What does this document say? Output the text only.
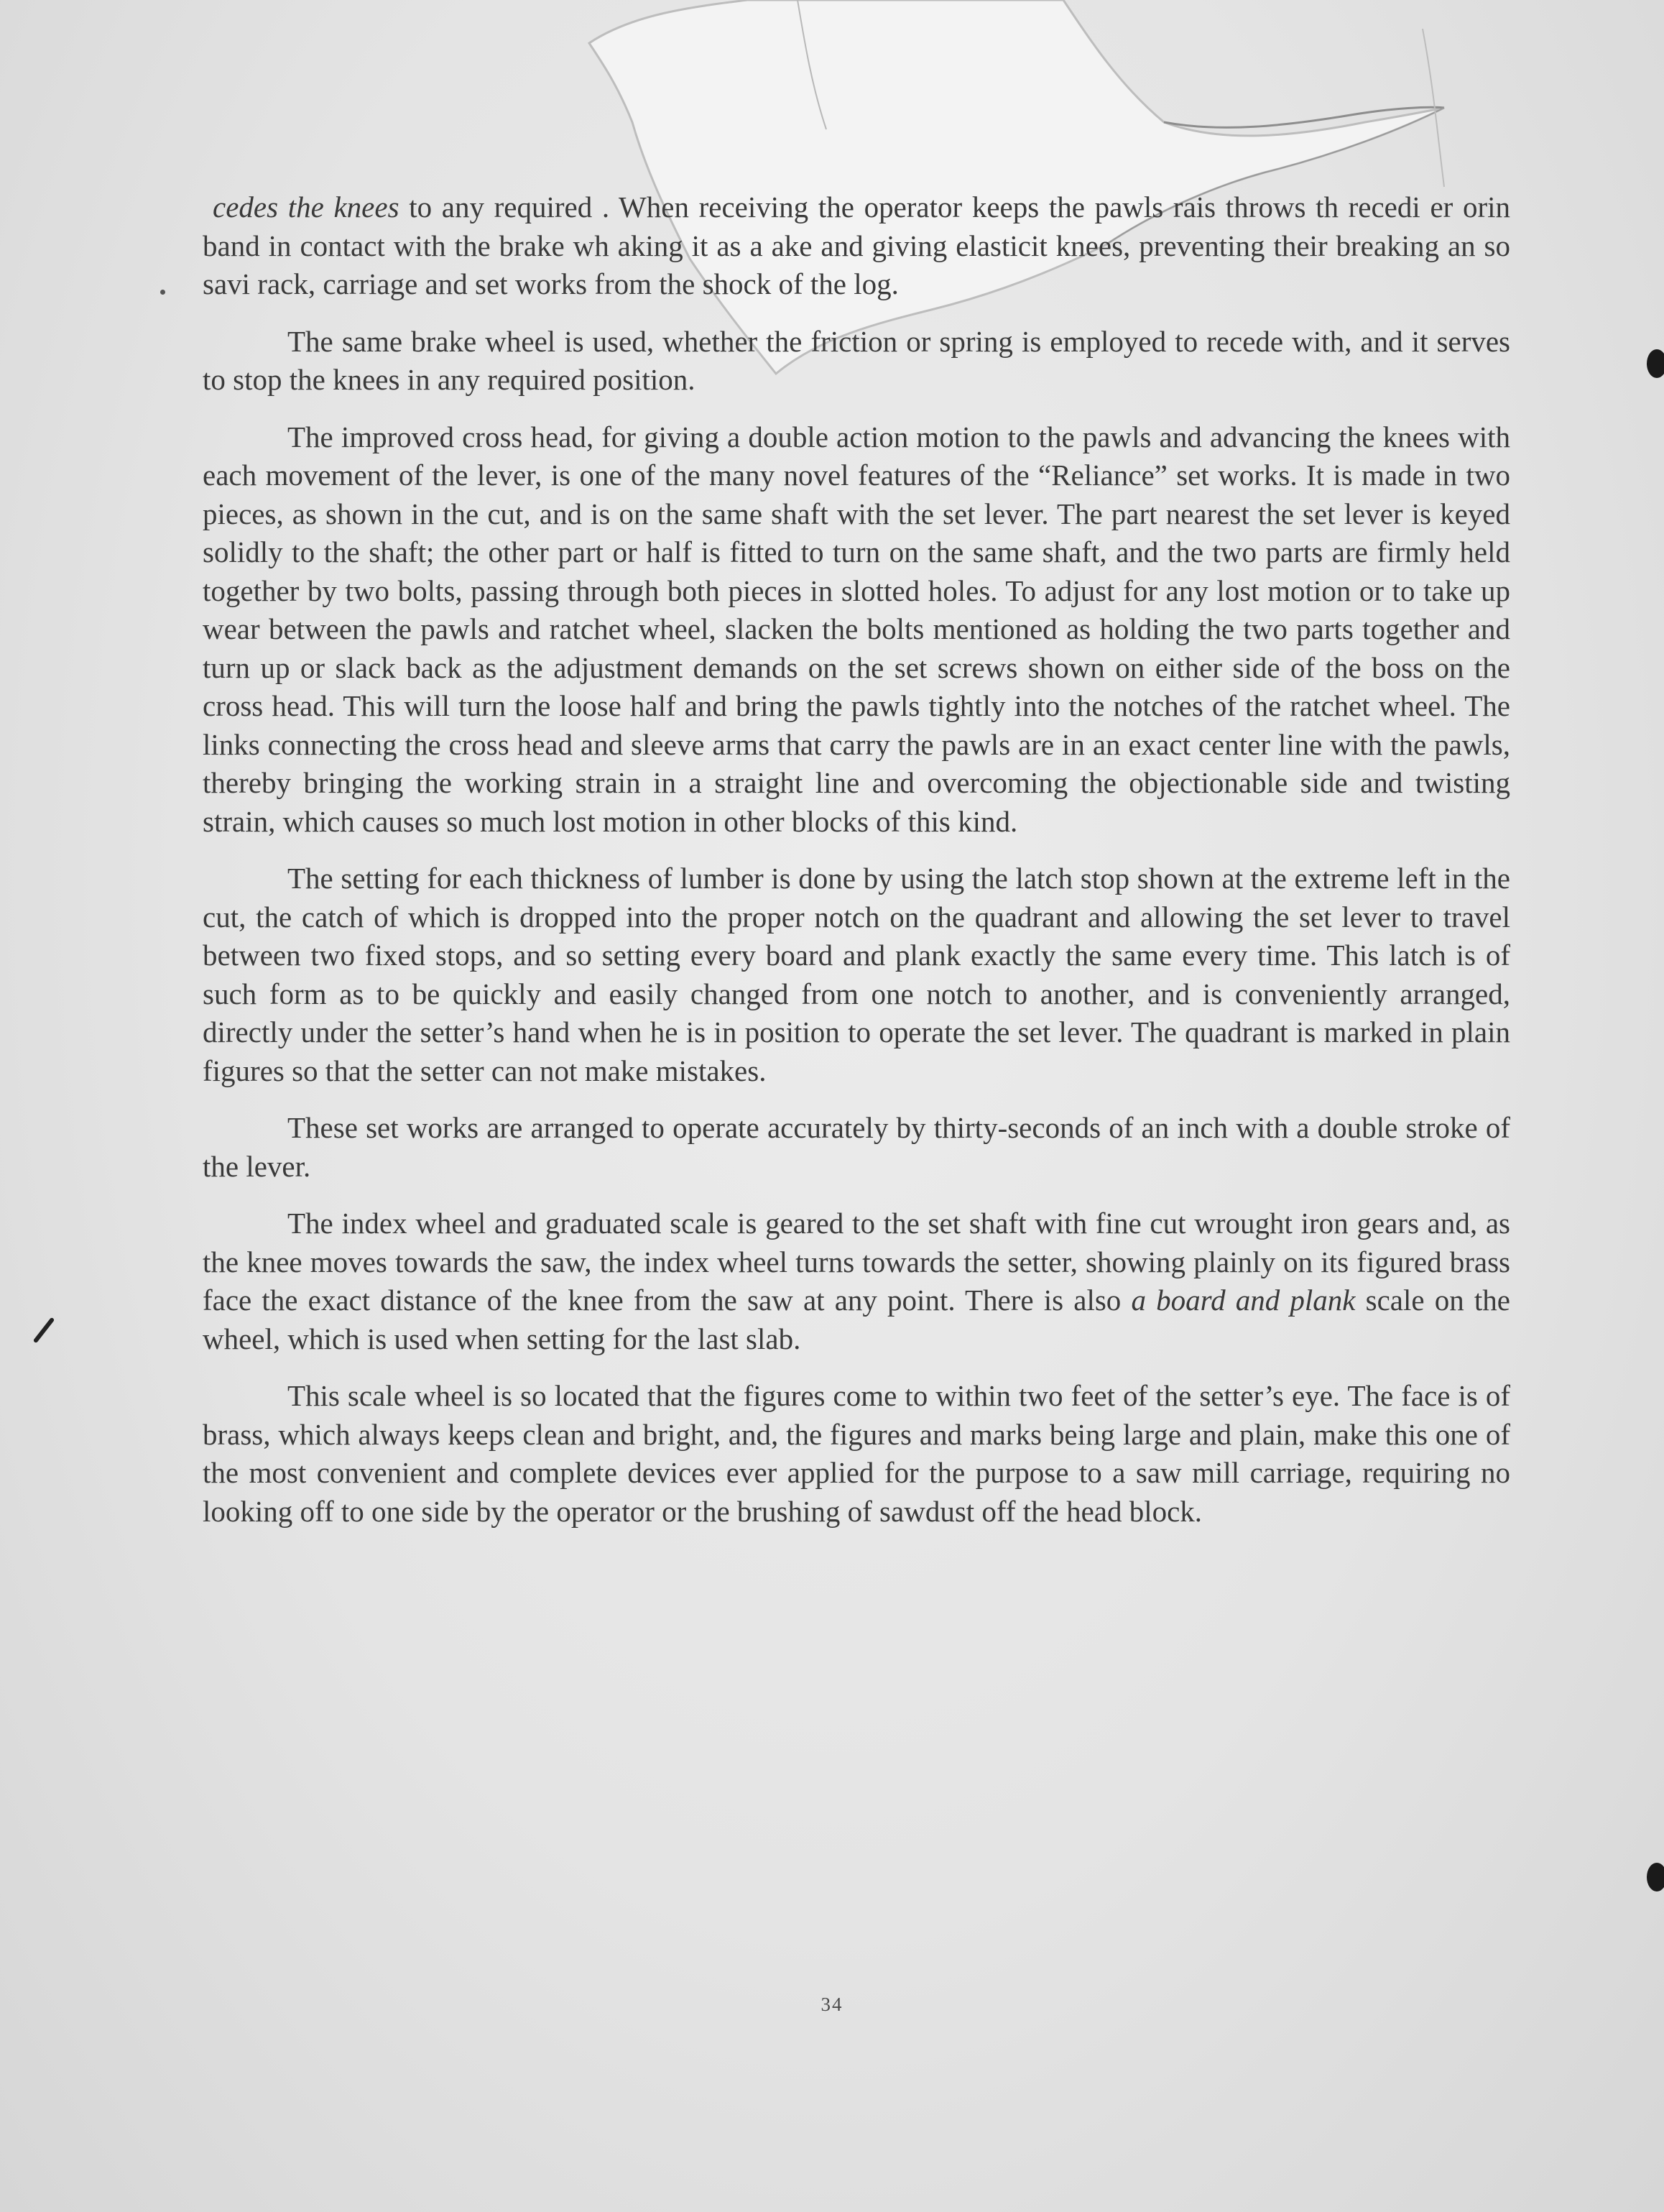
cedes the knees to any required . When receiving the operator keeps the pawls rais throws th recedi er orin band in contact with the brake wh aking it as a ake and giving elasticit knees, preventing their breaking an so savi rack, carriage and set works from the shock of the log.

The same brake wheel is used, whether the friction or spring is employed to recede with, and it serves to stop the knees in any required position.

The improved cross head, for giving a double action motion to the pawls and advancing the knees with each movement of the lever, is one of the many novel features of the “Reliance” set works. It is made in two pieces, as shown in the cut, and is on the same shaft with the set lever. The part nearest the set lever is keyed solidly to the shaft; the other part or half is fitted to turn on the same shaft, and the two parts are firmly held together by two bolts, passing through both pieces in slotted holes. To adjust for any lost motion or to take up wear between the pawls and ratchet wheel, slacken the bolts mentioned as holding the two parts together and turn up or slack back as the adjustment demands on the set screws shown on either side of the boss on the cross head. This will turn the loose half and bring the pawls tightly into the notches of the ratchet wheel. The links connecting the cross head and sleeve arms that carry the pawls are in an exact center line with the pawls, thereby bringing the working strain in a straight line and overcoming the objectionable side and twisting strain, which causes so much lost motion in other blocks of this kind.

The setting for each thickness of lumber is done by using the latch stop shown at the extreme left in the cut, the catch of which is dropped into the proper notch on the quadrant and allowing the set lever to travel between two fixed stops, and so setting every board and plank exactly the same every time. This latch is of such form as to be quickly and easily changed from one notch to another, and is conveniently arranged, directly under the setter’s hand when he is in position to operate the set lever. The quadrant is marked in plain figures so that the setter can not make mistakes.

These set works are arranged to operate accurately by thirty-seconds of an inch with a double stroke of the lever.

The index wheel and graduated scale is geared to the set shaft with fine cut wrought iron gears and, as the knee moves towards the saw, the index wheel turns towards the setter, showing plainly on its figured brass face the exact distance of the knee from the saw at any point. There is also a board and plank scale on the wheel, which is used when setting for the last slab.

This scale wheel is so located that the figures come to within two feet of the setter’s eye. The face is of brass, which always keeps clean and bright, and, the figures and marks being large and plain, make this one of the most convenient and complete devices ever applied for the purpose to a saw mill carriage, requiring no looking off to one side by the operator or the brushing of sawdust off the head block.

34
